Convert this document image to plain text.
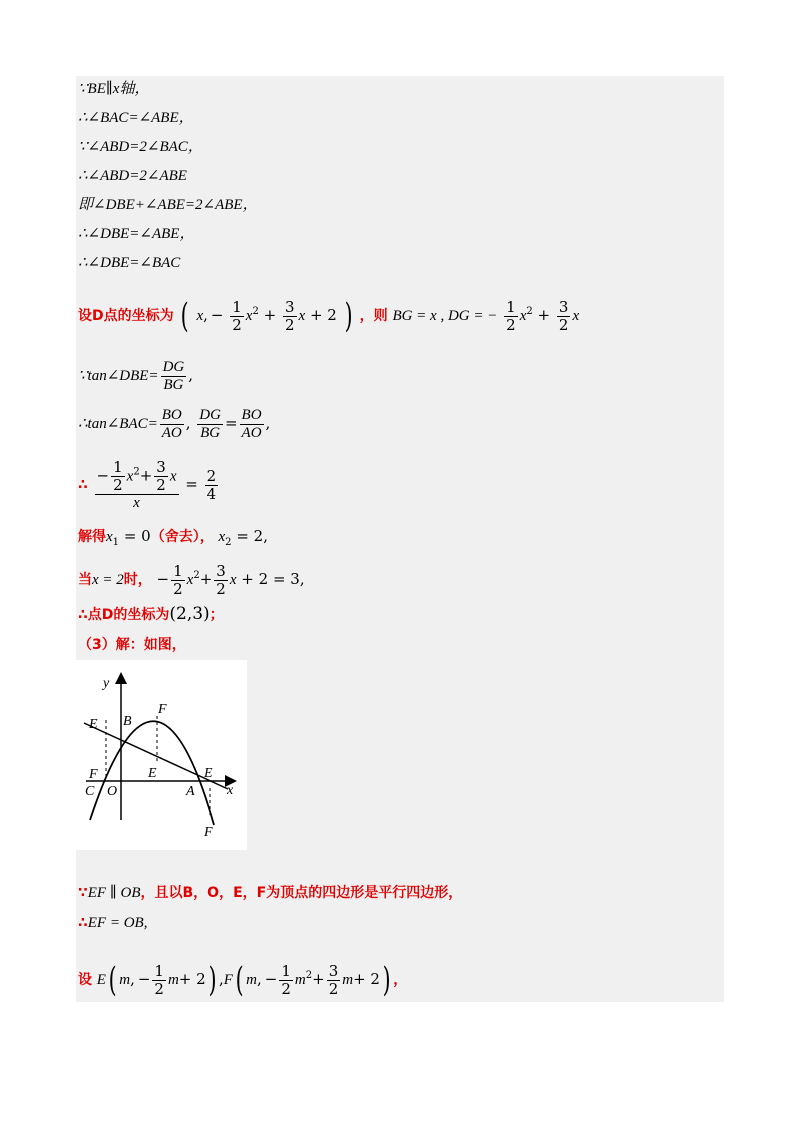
∵BE∥x轴，
∴∠BAC=∠ABE，
∵∠ABD=2∠BAC，
∴∠ABD=2∠ABE
即∠DBE+∠ABE=2∠ABE，
∴∠DBE=∠ABE，
∴∠DBE=∠BAC
设D点的坐标为 ( x, − $\frac{1}{2} x^2 + \frac{3}{2}$ x + 2 ) ，则 BG = x , DG = − $\frac{1}{2} x^2 + \frac{3}{2}$ x
∵tan∠DBE= $\frac{DG}{BG}$ ,
∴tan∠BAC= $\frac{BO}{AO}$ , $\frac{DG}{BG} = \frac{BO}{AO}$ ,
∴ $\frac{- \frac{1}{2} x^2+ \frac{3}{2} x}{x} = \frac{2}{4}$
解得$x_1 = 0$（舍去）， $x_2 = 2$,
当x = 2时， − $\frac{1}{2} x^2+ \frac{3}{2}$ x + 2 = 3,
∴点D的坐标为(2,3)；
（3）解：如图，
y
x
B
F
E
F
C O
E
A
E
F
∵EF ∥ OB，且以B，O，E，F为顶点的四边形是平行四边形，
∴EF = OB,
设 E( m, − $\frac{1}{2} m+ 2$) ,F( m, − $\frac{1}{2} m^2+ \frac{3}{2} m+ 2$) ，
